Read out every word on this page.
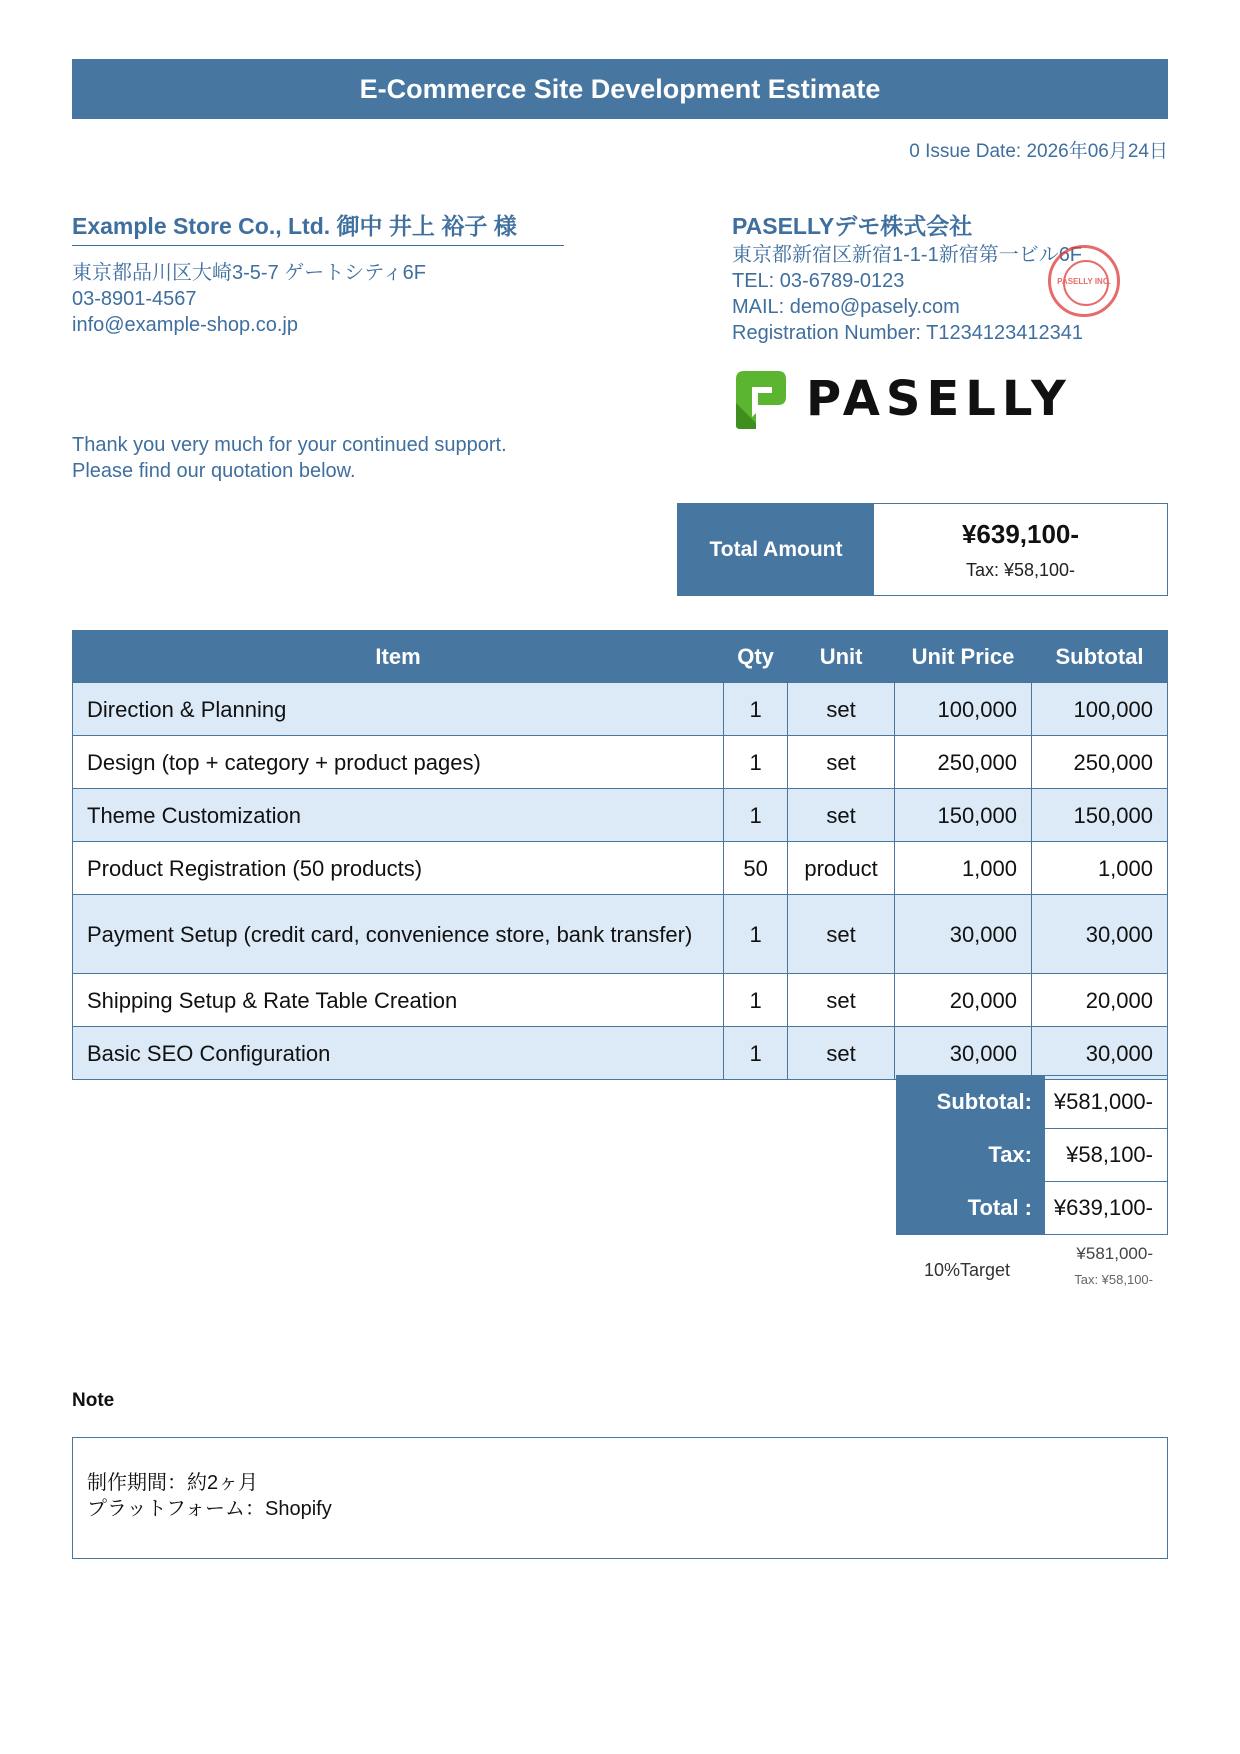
E-Commerce Site Development Estimate
0 Issue Date: 2026年06月24日
Example Store Co., Ltd. 御中 井上 裕子 様
東京都品川区大崎3-5-7 ゲートシティ6F
03-8901-4567
info@example-shop.co.jp
Thank you very much for your continued support.
Please find our quotation below.
PASELLYデモ株式会社
東京都新宿区新宿1-1-1新宿第一ビル6F
TEL: 03-6789-0123
MAIL: demo@pasely.com
Registration Number: T1234123412341
PASELLY INC.
PASELLY
Total Amount
¥639,100-
Tax: ¥58,100-
Item	Qty	Unit	Unit Price	Subtotal
Direction & Planning	1	set	100,000	100,000
Design (top + category + product pages)	1	set	250,000	250,000
Theme Customization	1	set	150,000	150,000
Product Registration (50 products)	50	product	1,000	1,000
Payment Setup (credit card, convenience store, bank transfer)	1	set	30,000	30,000
Shipping Setup & Rate Table Creation	1	set	20,000	20,000
Basic SEO Configuration	1	set	30,000	30,000
Subtotal:	¥581,000-
Tax:	¥58,100-
Total :	¥639,100-
10%Target
¥581,000-
Tax: ¥58,100-
Note
制作期間：約2ヶ月
プラットフォーム：Shopify
